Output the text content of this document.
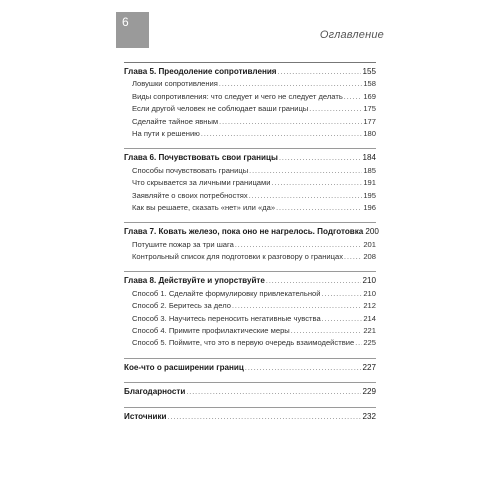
6
Оглавление
Глава 5. Преодоление сопротивления .....	155
Ловушки сопротивления .....	158
Виды сопротивления: что следует и чего не следует делать .....	169
Если другой человек не соблюдает ваши границы .....	175
Сделайте тайное явным .....	177
На пути к решению .....	180
Глава 6. Почувствовать свои границы .....	184
Способы почувствовать границы .....	185
Что скрывается за личными границами .....	191
Заявляйте о своих потребностях .....	195
Как вы решаете, сказать «нет» или «да» .....	196
Глава 7. Ковать железо, пока оно не нагрелось. Подготовка 200
Потушите пожар за три шага .....	201
Контрольный список для подготовки к разговору о границах .....	208
Глава 8. Действуйте и упорствуйте .....	210
Способ 1. Сделайте формулировку привлекательной .....	210
Способ 2. Беритесь за дело .....	212
Способ 3. Научитесь переносить негативные чувства .....	214
Способ 4. Примите профилактические меры .....	221
Способ 5. Поймите, что это в первую очередь взаимодействие ..... 225
Кое-что о расширении границ .....	227
Благодарности .....	229
Источники .....	232
